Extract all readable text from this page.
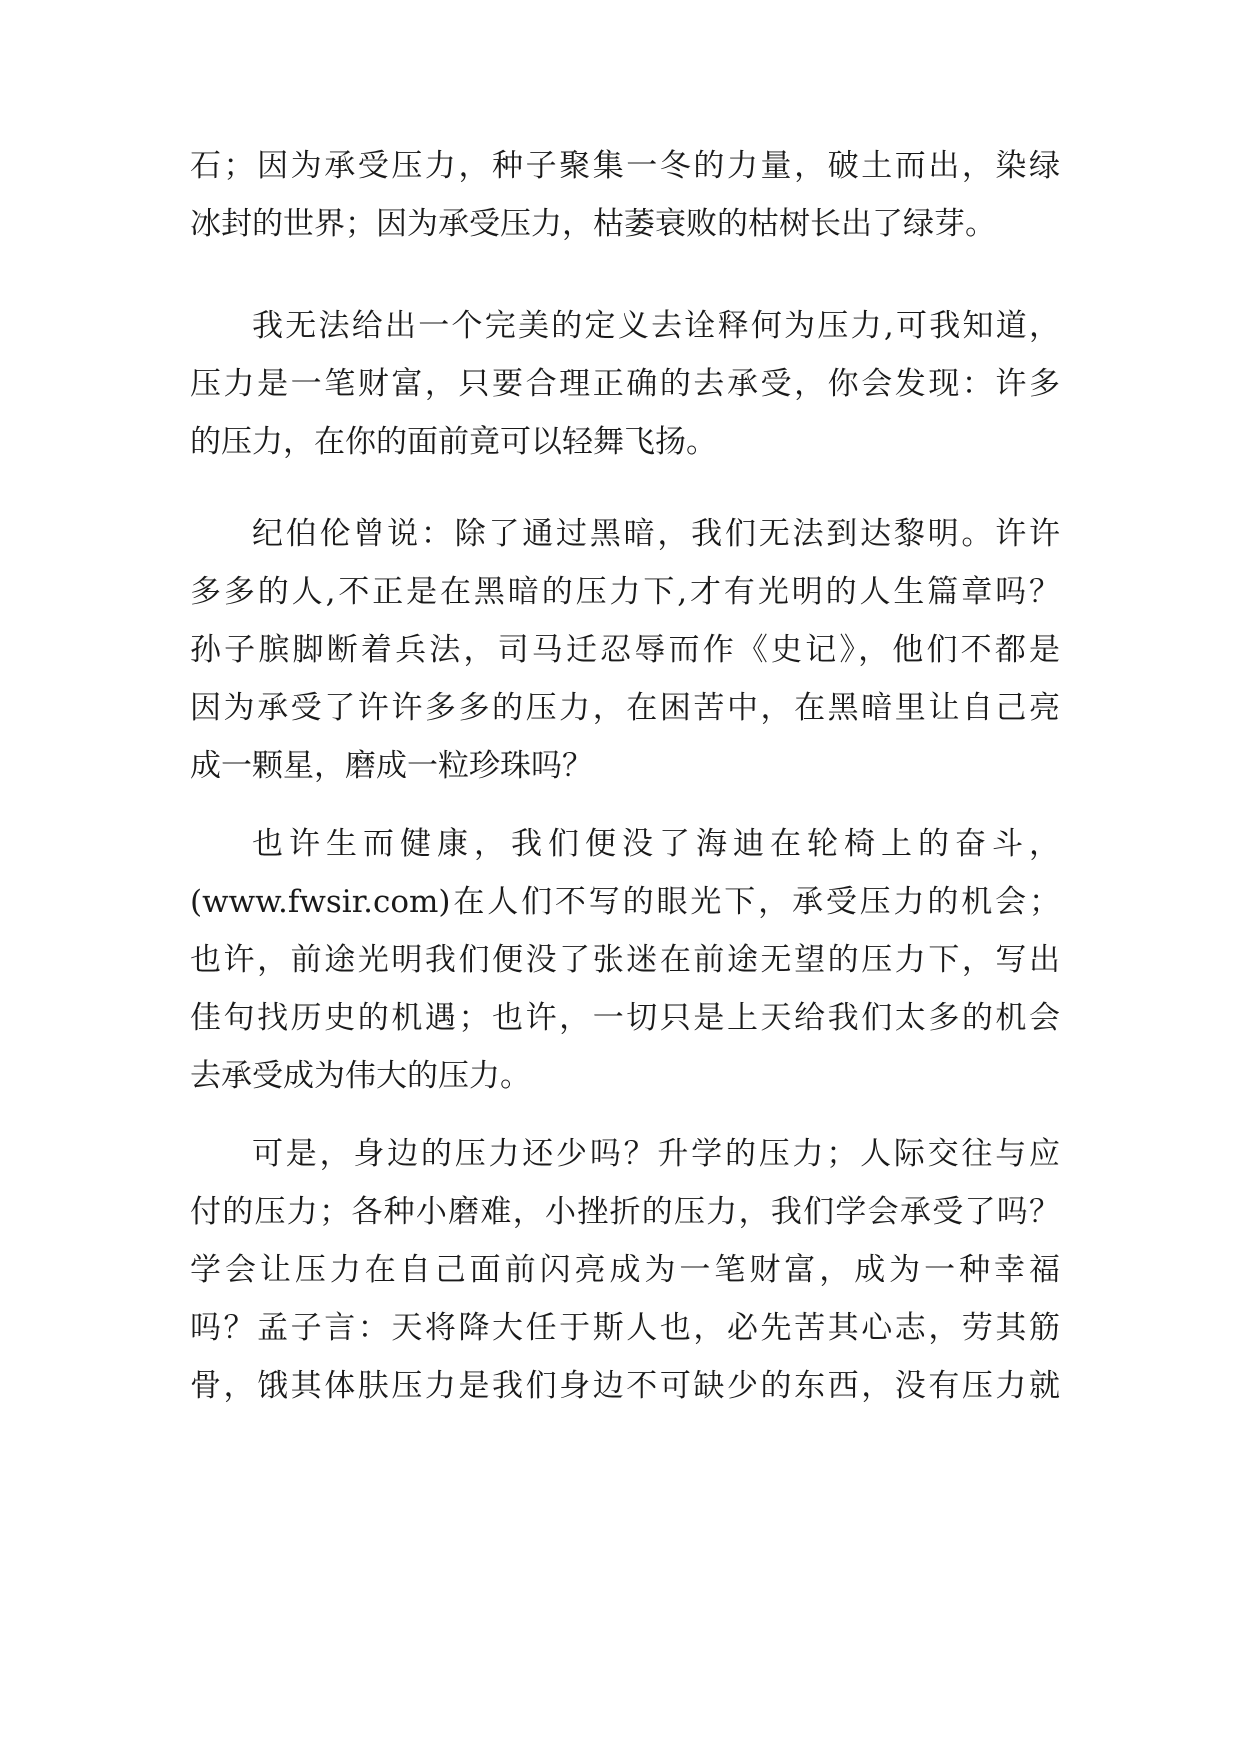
石；因为承受压力，种子聚集一冬的力量，破土而出，染绿
冰封的世界；因为承受压力，枯萎衰败的枯树长出了绿芽。
我无法给出一个完美的定义去诠释何为压力,可我知道，
压力是一笔财富，只要合理正确的去承受，你会发现：许多
的压力，在你的面前竟可以轻舞飞扬。
纪伯伦曾说：除了通过黑暗，我们无法到达黎明。许许
多多的人,不正是在黑暗的压力下,才有光明的人生篇章吗？
孙子膑脚断着兵法，司马迁忍辱而作《史记》，他们不都是
因为承受了许许多多的压力，在困苦中，在黑暗里让自己亮
成一颗星，磨成一粒珍珠吗？
也许生而健康，我们便没了海迪在轮椅上的奋斗，
(www.fwsir.com)在人们不写的眼光下，承受压力的机会；
也许，前途光明我们便没了张迷在前途无望的压力下，写出
佳句找历史的机遇；也许，一切只是上天给我们太多的机会
去承受成为伟大的压力。
可是，身边的压力还少吗？升学的压力；人际交往与应
付的压力；各种小磨难，小挫折的压力，我们学会承受了吗？
学会让压力在自己面前闪亮成为一笔财富，成为一种幸福
吗？孟子言：天将降大任于斯人也，必先苦其心志，劳其筋
骨，饿其体肤压力是我们身边不可缺少的东西，没有压力就
